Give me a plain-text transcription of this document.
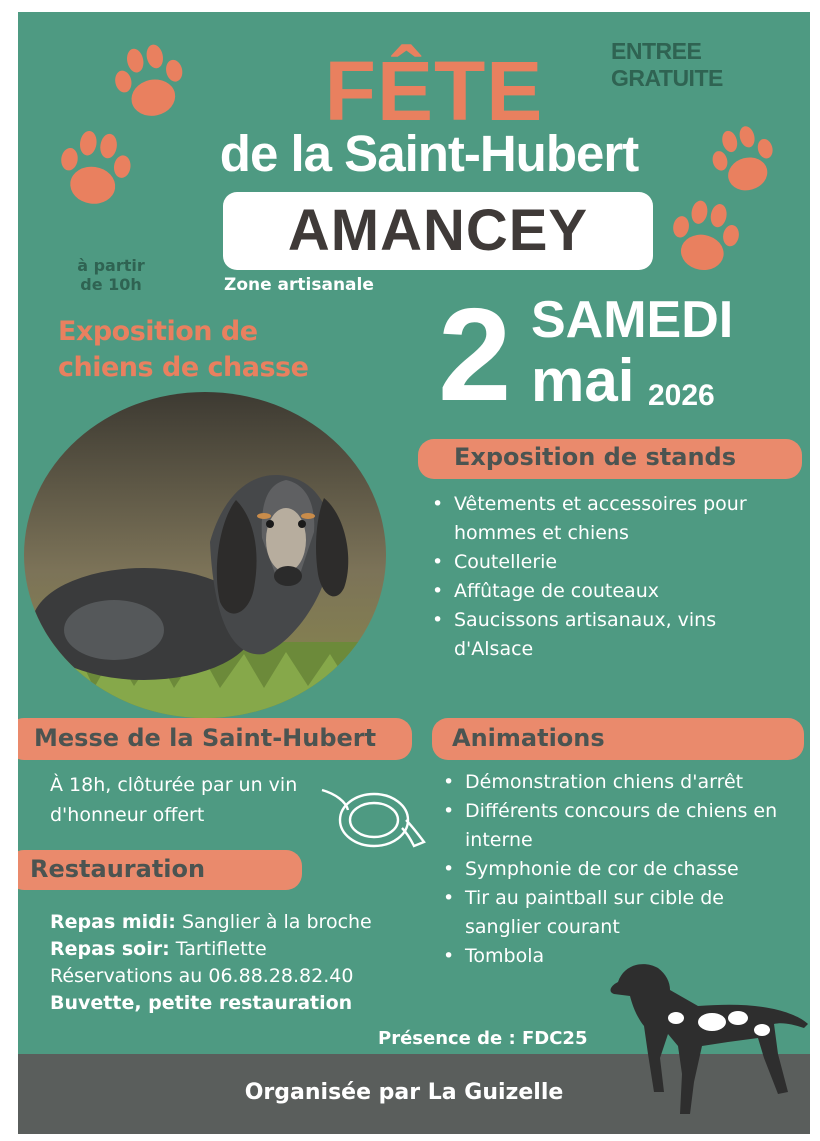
ENTREE GRATUITE
FÊTE
de la Saint-Hubert
AMANCEY
à partir
de 10h	Zone artisanale
Exposition de
chiens de chasse 2 SAMEDI
mai 2026
Exposition de stands
• Vêtements et accessoires pour hommes et chiens
• Coutellerie
• Affûtage de couteaux
• Saucissons artisanaux, vins d'Alsace
Messe de la Saint-Hubert
À 18h, clôturée par un vin d'honneur offert
Animations
• Démonstration chiens d'arrêt
• Différents concours de chiens en interne
• Symphonie de cor de chasse
• Tir au paintball sur cible de sanglier courant
• Tombola
Restauration
Repas midi: Sanglier à la broche
Repas soir: Tartiflette
Réservations au 06.88.28.82.40
Buvette, petite restauration
Présence de : FDC25
Organisée par La Guizelle
